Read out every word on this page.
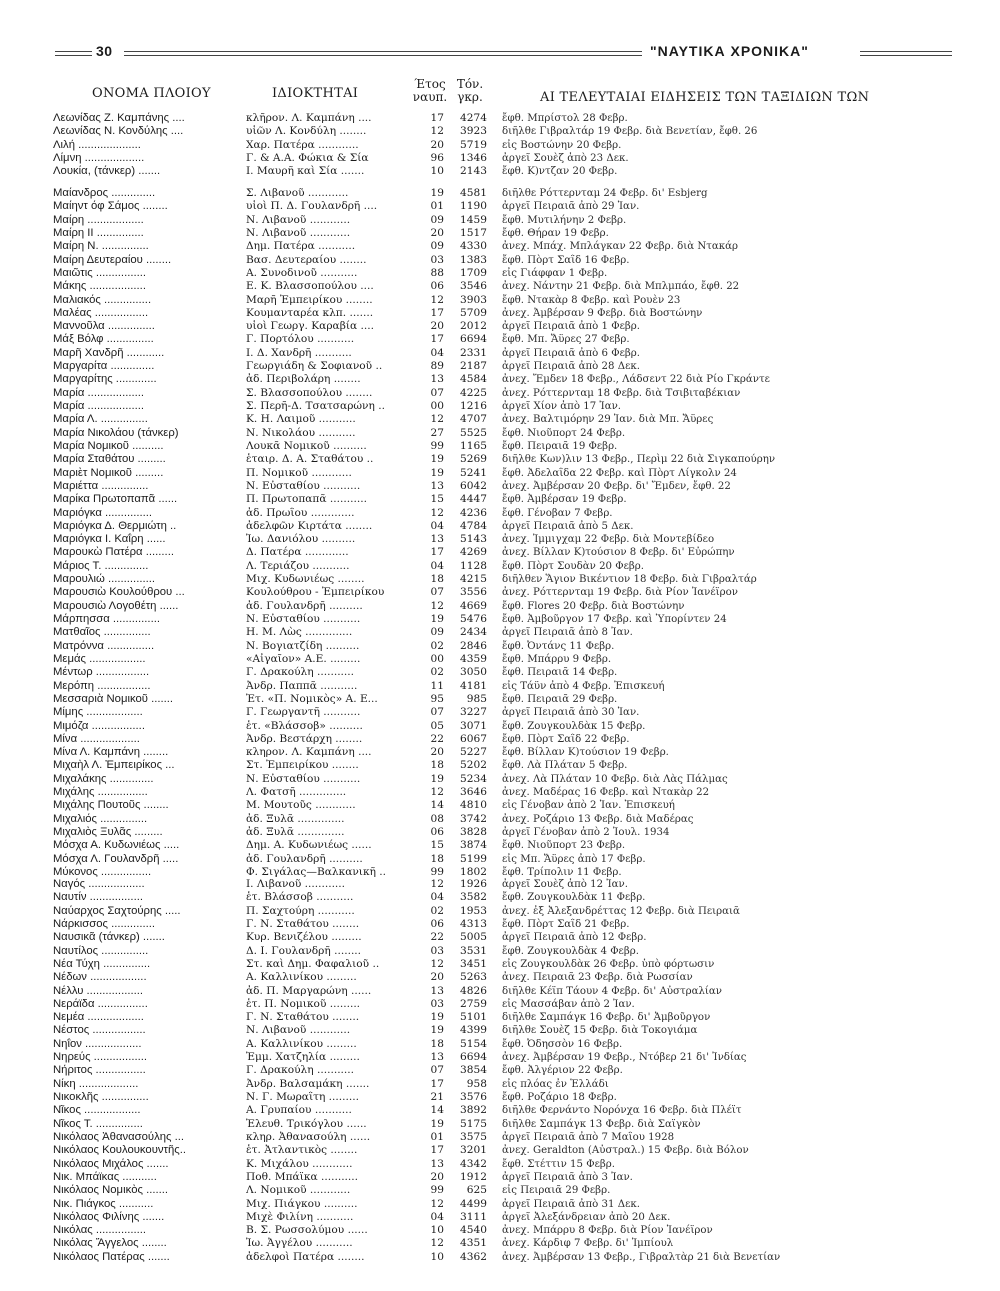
30	"ΝΑΥΤΙΚΑ ΧΡΟΝΙΚΑ"
ΟΝΟΜΑ ΠΛΟΙΟΥ	ΙΔΙΟΚΤΗΤΑΙ
Έτος
ναυπ.
Τόν.
γκρ.	ΑΙ ΤΕΛΕΥΤΑΙΑΙ ΕΙΔΗΣΕΙΣ ΤΩΝ ΤΑΞΙΔΙΩΝ ΤΩΝ
Λεωνίδας Ζ. Καμπάνης ....	κλῆρον. Λ. Καμπάνη ....	17	4274 ἔφθ. Μπρίστολ 28 Φεβρ.
Λεωνίδας Ν. Κονδύλης ....	υἱῶν Λ. Κονδύλη ........	12	3923 διῆλθε Γιβραλτάρ 19 Φεβρ. διὰ Βενετίαν, ἔφθ. 26
Λιλή ....................	Χαρ. Πατέρα ............	20	5719 εἰς Βοστώνην 20 Φεβρ.
Λίμνη ...................	Γ. & Α.Α. Φώκια & Σία	96	1346 ἀργεῖ Σουὲζ ἀπὸ 23 Δεκ.
Λουκία, (τάνκερ) .......	Ι. Μαυρῆ καὶ Σία .......	10	2143 ἔφθ. Κ)ντζαν 20 Φεβρ.
Μαίανδρος ..............	Σ. Λιβανοῦ ............	19	4581 διῆλθε Ρόττερνταμ 24 Φεβρ. δι' Esbjerg
Μαίηντ όφ Σάμος ........	υἱοὶ Π. Δ. Γουλανδρῆ ....	01	1190 ἀργεῖ Πειραιᾶ ἀπὸ 29 Ἰαν.
Μαίρη ..................	Ν. Λιβανοῦ ............	09	1459 ἔφθ. Μυτιλήνην 2 Φεβρ.
Μαίρη ΙΙ ...............	Ν. Λιβανοῦ ............	20	1517 ἔφθ. Θήραν 19 Φεβρ.
Μαίρη Ν. ...............	Δημ. Πατέρα ...........	09	4330 ἀνεχ. Μπάχ. Μπλάγκαν 22 Φεβρ. διὰ Ντακάρ
Μαίρη Δευτεραίου ........	Βασ. Δευτεραίου ........	03	1383 ἔφθ. Πὸρτ Σαΐδ 16 Φεβρ.
Μαιῶτις ................	Α. Συνοδινοῦ ...........	88	1709 εἰς Γιάφφαν 1 Φεβρ.
Μάκης ..................	Ε. Κ. Βλασσοπούλου ....	06	3546 ἀνεχ. Νάντην 21 Φεβρ. διὰ Μπλμπάο, ἔφθ. 22
Μαλιακός ...............	Μαρῆ Ἐμπειρίκου ........	12	3903 ἔφθ. Ντακὰρ 8 Φεβρ. καὶ Ρουὲν 23
Μαλέας .................	Κουμανταρέα κλπ. .......	17	5709 ἀνεχ. Ἀμβέρσαν 9 Φεβρ. διὰ Βοστώνην
Μαννοῦλα ...............	υἱοὶ Γεωργ. Καραβία ....	20	2012 ἀργεῖ Πειραιᾶ ἀπὸ 1 Φεβρ.
Μάξ Βόλφ ...............	Γ. Πορτόλου ...........	17	6694 ἔφθ. Μπ. Ἄϋρες 27 Φεβρ.
Μαρῆ Χανδρῆ ............	Ι. Δ. Χανδρῆ ...........	04	2331 ἀργεῖ Πειραιᾶ ἀπὸ 6 Φεβρ.
Μαργαρίτα ..............	Γεωργιάδη & Σοφιανοῦ ..	89	2187 ἀργεῖ Πειραιᾶ ἀπὸ 28 Δεκ.
Μαργαρίτης .............	ἀδ. Περιβολάρη ........	13	4584 ἀνεχ. Ἔμδεν 18 Φεβρ., Λάδσεντ 22 διὰ Ρίο Γκράντε
Μαρία ..................	Σ. Βλασσοπούλου ........	07	4225 ἀνεχ. Ρόττερνταμ 18 Φεβρ. διὰ Τσιβιταβέκιαν
Μαρία ..................	Σ. Περῆ-Δ. Τσατσαρώνη ..	00	1216 ἀργεῖ Χίον ἀπὸ 17 Ἰαν.
Μαρία Λ. ...............	Κ. Η. Λαιμοῦ ...........	12	4707 ἀνεχ. Βαλτιμόρην 29 Ἰαν. διὰ Μπ. Ἄϋρες
Μαρία Νικολάου (τάνκερ)	Ν. Νικολάου ...........	27	5525 ἔφθ. Νιοῦπορτ 24 Φεβρ.
Μαρία Νομικοῦ ..........	Λουκᾶ Νομικοῦ ..........	99	1165 ἔφθ. Πειραιᾶ 19 Φεβρ.
Μαρία Σταθάτου .........	ἑταιρ. Δ. Α. Σταθάτου ..	19	5269 διῆλθε Κων)λιν 13 Φεβρ., Περὶμ 22 διὰ Σιγκαπούρην
Μαριὲτ Νομικοῦ .........	Π. Νομικοῦ ............	19	5241 ἔφθ. Ἀδελαΐδα 22 Φεβρ. καὶ Πὸρτ Λίγκολν 24
Μαριέττα ...............	Ν. Εὐσταθίου ...........	13	6042 ἀνεχ. Ἀμβέρσαν 20 Φεβρ. δι' Ἔμδεν, ἔφθ. 22
Μαρίκα Πρωτοπαπᾶ ......	Π. Πρωτοπαπᾶ ...........	15	4447 ἔφθ. Ἀμβέρσαν 19 Φεβρ.
Μαριόγκα ...............	ἀδ. Πρωΐου .............	12	4236 ἔφθ. Γένοβαν 7 Φεβρ.
Μαριόγκα Δ. Θερμιώτη ..	ἀδελφῶν Κιρτάτα ........	04	4784 ἀργεῖ Πειραιᾶ ἀπὸ 5 Δεκ.
Μαριόγκα Ι. Καΐρη ......	Ἰω. Δανιόλου ..........	13	5143 ἀνεχ. Ἰμμιγχαμ 22 Φεβρ. διὰ Μοντεβίδεο
Μαρουκὼ Πατέρα .........	Δ. Πατέρα .............	17	4269 ἀνεχ. Βίλλαν Κ)τούσιον 8 Φεβρ. δι' Εὐρώπην
Μάριος Τ. ..............	Λ. Τεριάζου ...........	04	1128 ἔφθ. Πὸρτ Σουδὰν 20 Φεβρ.
Μαρουλιώ ...............	Μιχ. Κυδωνιέως ........	18	4215 διῆλθεν Ἅγιον Βικέντιον 18 Φεβρ. διὰ Γιβραλτάρ
Μαρουσιὼ Κουλούθρου ...	Κουλούθρου - Ἐμπειρίκου	07	3556 ἀνεχ. Ρόττερνταμ 19 Φεβρ. διὰ Ρίον Ἰανέϊρον
Μαρουσιὼ Λογοθέτη ......	ἀδ. Γουλανδρῆ ..........	12	4669 ἔφθ. Flores 20 Φεβρ. διὰ Βοστώνην
Μάρπησσα ...............	Ν. Εὐσταθίου ...........	19	5476 ἔφθ. Ἀμβοῦργον 17 Φεβρ. καὶ Ὑπορίντεν 24
Ματθαῖος ...............	Η. Μ. Λὼς ..............	09	2434 ἀργεῖ Πειραιᾶ ἀπὸ 8 Ἰαν.
Ματρόννα ...............	Ν. Βογιατζίδη ..........	02	2846 ἔφθ. Ὀντάνς 11 Φεβρ.
Μεμάς ..................	«Αἰγαῖον» Α.Ε. .........	00	4359 ἔφθ. Μπάρρυ 9 Φεβρ.
Μέντωρ .................	Γ. Δρακούλη ...........	02	3050 ἔφθ. Πειραιᾶ 14 Φεβρ.
Μερόπη .................	Ἀνδρ. Παππᾶ ...........	11	4181 εἰς Τάϋν ἀπὸ 4 Φεβρ. Ἐπισκευή
Μεσσαριὰ Νομικοῦ .......	Ἐτ. «Π. Νομικὸς» Α. Ε...	95	985 ἔφθ. Πειραιᾶ 29 Φεβρ.
Μίμης ..................	Γ. Γεωργαντῆ ...........	07	3227 ἀργεῖ Πειραιᾶ ἀπὸ 30 Ἰαν.
Μιμόζα .................	ἑτ. «Βλάσσοβ» ..........	05	3071 ἔφθ. Ζουγκουλδὰκ 15 Φεβρ.
Μίνα ...................	Ἀνδρ. Βεστάρχη ........	22	6067 ἔφθ. Πὸρτ Σαΐδ 22 Φεβρ.
Μίνα Λ. Καμπάνη ........	κληρον. Λ. Καμπάνη ....	20	5227 ἔφθ. Βίλλαν Κ)τούσιον 19 Φεβρ.
Μιχαὴλ Λ. Ἐμπειρίκος ...	Στ. Ἐμπειρίκου ........	18	5202 ἔφθ. Λὰ Πλάταν 5 Φεβρ.
Μιχαλάκης ..............	Ν. Εὐσταθίου ...........	19	5234 ἀνεχ. Λὰ Πλάταν 10 Φεβρ. διὰ Λὰς Πάλμας
Μιχάλης ................	Λ. Φατσῆ ..............	12	3646 ἀνεχ. Μαδέρας 16 Φεβρ. καὶ Ντακὰρ 22
Μιχάλης Πουτοῦς ........	Μ. Μουτοῦς ............	14	4810 εἰς Γένοβαν ἀπὸ 2 Ἰαν. Ἐπισκευή
Μιχαλιός ...............	ἀδ. Ξυλᾶ ..............	08	3742 ἀνεχ. Ροζάριο 13 Φεβρ. διὰ Μαδέρας
Μιχαλιὸς Ξυλᾶς .........	ἀδ. Ξυλᾶ ..............	06	3828 ἀργεῖ Γένοβαν ἀπὸ 2 Ἰουλ. 1934
Μόσχα Α. Κυδωνιέως .....	Δημ. Α. Κυδωνιέως ......	15	3874 ἔφθ. Νιοῦπορτ 23 Φεβρ.
Μόσχα Λ. Γουλανδρῆ .....	ἀδ. Γουλανδρῆ ..........	18	5199 εἰς Μπ. Ἄϋρες ἀπὸ 17 Φεβρ.
Μύκονος ................	Φ. Σιγάλας—Βαλκανικῆ ..	99	1802 ἔφθ. Τρίπολιν 11 Φεβρ.
Ναγός ..................	Ι. Λιβανοῦ ............	12	1926 ἀργεῖ Σουὲζ ἀπὸ 12 Ἰαν.
Ναυτίν .................	ἑτ. Βλάσσοβ ...........	04	3582 ἔφθ. Ζουγκουλδὰκ 11 Φεβρ.
Ναύαρχος Σαχτούρης .....	Π. Σαχτούρη ...........	02	1953 ἀνεχ. ἐξ Ἀλεξανδρέττας 12 Φεβρ. διὰ Πειραιᾶ
Νάρκισσος ..............	Γ. Ν. Σταθάτου ........	06	4313 ἔφθ. Πὸρτ Σαΐδ 21 Φεβρ.
Ναυσικᾶ (τάνκερ) .......	Κυρ. Βενιζέλου .........	22	5005 ἀργεῖ Πειραιᾶ ἀπὸ 12 Φεβρ.
Ναυτίλος ...............	Δ. Ι. Γουλανδρῆ ........	03	3531 ἔφθ. Ζουγκουλδὰκ 4 Φεβρ.
Νέα Τύχη ...............	Στ. καὶ Δημ. Φαφαλιοῦ ..	12	3451 εἰς Ζουγκουλδὰκ 26 Φεβρ. ὑπὸ φόρτωσιν
Νέδων ..................	Α. Καλλινίκου .........	20	5263 ἀνεχ. Πειραιᾶ 23 Φεβρ. διὰ Ρωσσίαν
Νέλλυ ..................	ἀδ. Π. Μαργαρώνη ......	13	4826 διῆλθε Κέϊπ Τάουν 4 Φεβρ. δι' Αὐστραλίαν
Νεράϊδα ................	ἑτ. Π. Νομικοῦ .........	03	2759 εἰς Μασσάβαν ἀπὸ 2 Ἰαν.
Νεμέα ..................	Γ. Ν. Σταθάτου ........	19	5101 διῆλθε Σαμπάγκ 16 Φεβρ. δι' Ἀμβοῦργον
Νέστος .................	Ν. Λιβανοῦ ............	19	4399 διῆλθε Σουὲζ 15 Φεβρ. διὰ Τοκογιάμα
Νηΐον ..................	Α. Καλλινίκου .........	18	5154 ἔφθ. Ὀδησσὸν 16 Φεβρ.
Νηρεύς .................	Ἐμμ. Χατζηλία .........	13	6694 ἀνεχ. Ἀμβέρσαν 19 Φεβρ., Ντόβερ 21 δι' Ἰνδίας
Νήριτος ................	Γ. Δρακούλη ...........	07	3854 ἔφθ. Ἀλγέριον 22 Φεβρ.
Νίκη ...................	Ἀνδρ. Βαλσαμάκη .......	17	958 εἰς πλόας ἐν Ἑλλάδι
Νικοκλῆς ...............	Ν. Γ. Μωραΐτη .........	21	3576 ἔφθ. Ροζάριο 18 Φεβρ.
Νῖκος ..................	Α. Γρυπαίου ...........	14	3892 διῆλθε Φερνάντο Νορόνχα 16 Φεβρ. διὰ Πλέϊτ
Νῖκος Τ. ...............	Ἐλευθ. Τρικόγλου ......	19	5175 διῆλθε Σαμπάγκ 13 Φεβρ. διὰ Σαϊγκὸν
Νικόλαος Ἀθανασούλης ...	κληρ. Ἀθανασούλη ......	01	3575 ἀργεῖ Πειραιᾶ ἀπὸ 7 Μαΐου 1928
Νικόλαος Κουλουκουντῆς..	ἑτ. Ἀτλαντικὸς ........	17	3201 ἀνεχ. Geraldton (Αὐστραλ.) 15 Φεβρ. διὰ Βόλον
Νικόλαος Μιχάλος .......	Κ. Μιχάλου ............	13	4342 ἔφθ. Στέττιν 15 Φεβρ.
Νικ. Μπάϊκας ...........	Ποθ. Μπάϊκα ...........	20	1912 ἀργεῖ Πειραιᾶ ἀπὸ 3 Ἰαν.
Νικόλαος Νομικὸς .......	Λ. Νομικοῦ ............	99	625 εἰς Πειραιᾶ 29 Φεβρ.
Νικ. Πιάγκος ...........	Μιχ. Πιάγκου ..........	12	4499 ἀργεῖ Πειραιᾶ ἀπὸ 31 Δεκ.
Νικόλαος Φιλίνης .......	Μιχὲ Φιλίνη ...........	04	3111 ἀργεῖ Ἀλεξάνδρειαν ἀπὸ 20 Δεκ.
Νικόλας ................	Β. Σ. Ρωσσολύμου ......	10	4540 ἀνεχ. Μπάρρυ 8 Φεβρ. διὰ Ρίον Ἰανέϊρον
Νικόλας Ἄγγελος ........	Ἰω. Ἀγγέλου ...........	12	4351 ἀνεχ. Κάρδιφ 7 Φεβρ. δι' Ἰμπίουλ
Νικόλαος Πατέρας .......	ἀδελφοὶ Πατέρα ........	10	4362 ἀνεχ. Ἀμβέρσαν 13 Φεβρ., Γιβραλτὰρ 21 διὰ Βενετίαν
